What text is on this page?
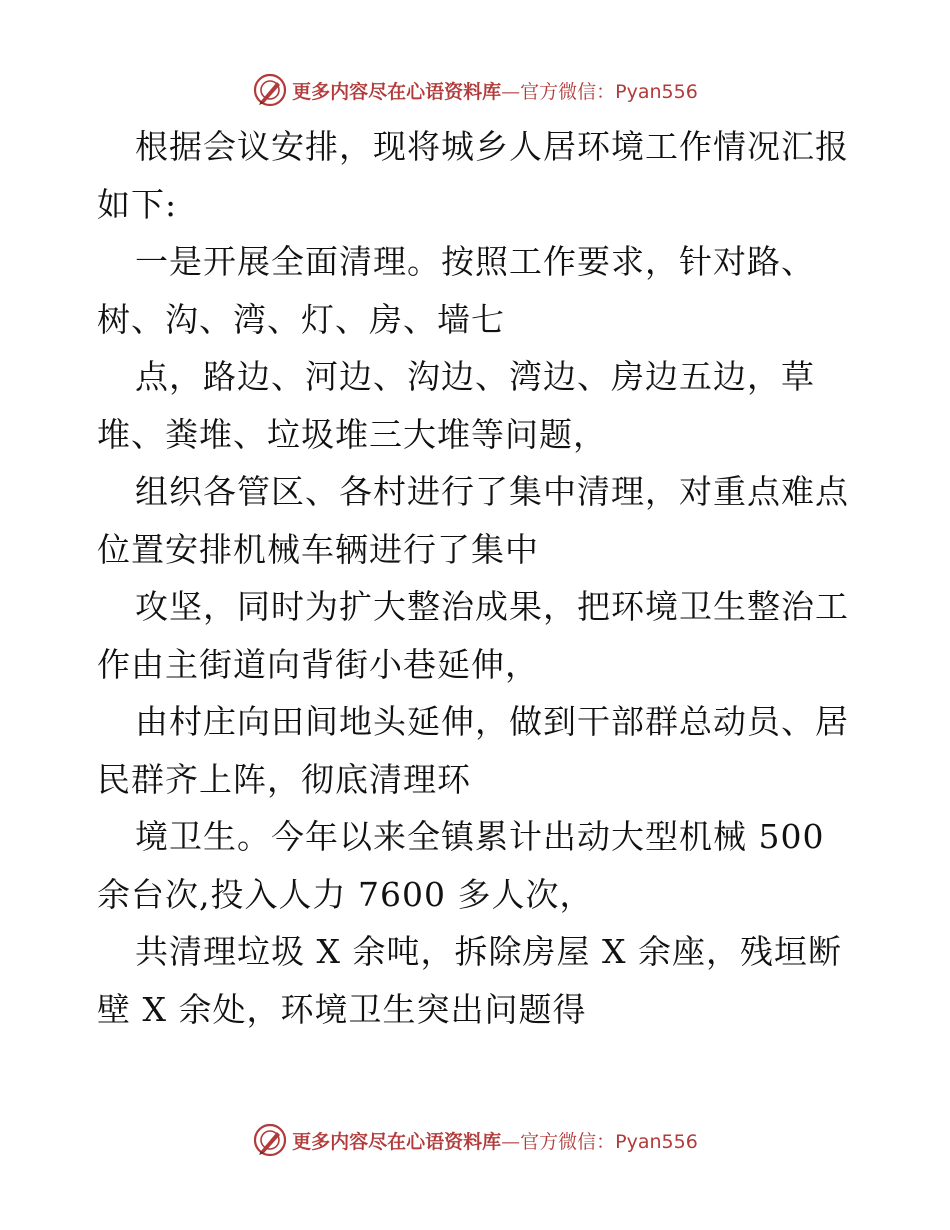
更多内容尽在心语资料库—官方微信：Pyan556
根据会议安排，现将城乡人居环境工作情况汇报
如下:
一是开展全面清理。按照工作要求，针对路、
树、沟、湾、灯、房、墙七
点，路边、河边、沟边、湾边、房边五边，草
堆、粪堆、垃圾堆三大堆等问题，
组织各管区、各村进行了集中清理，对重点难点
位置安排机械车辆进行了集中
攻坚，同时为扩大整治成果，把环境卫生整治工
作由主街道向背街小巷延伸，
由村庄向田间地头延伸，做到干部群总动员、居
民群齐上阵，彻底清理环
境卫生。今年以来全镇累计出动大型机械 500
余台次,投入人力 7600 多人次，
共清理垃圾 X 余吨，拆除房屋 X 余座，残垣断
壁 X 余处，环境卫生突出问题得
更多内容尽在心语资料库—官方微信：Pyan556
